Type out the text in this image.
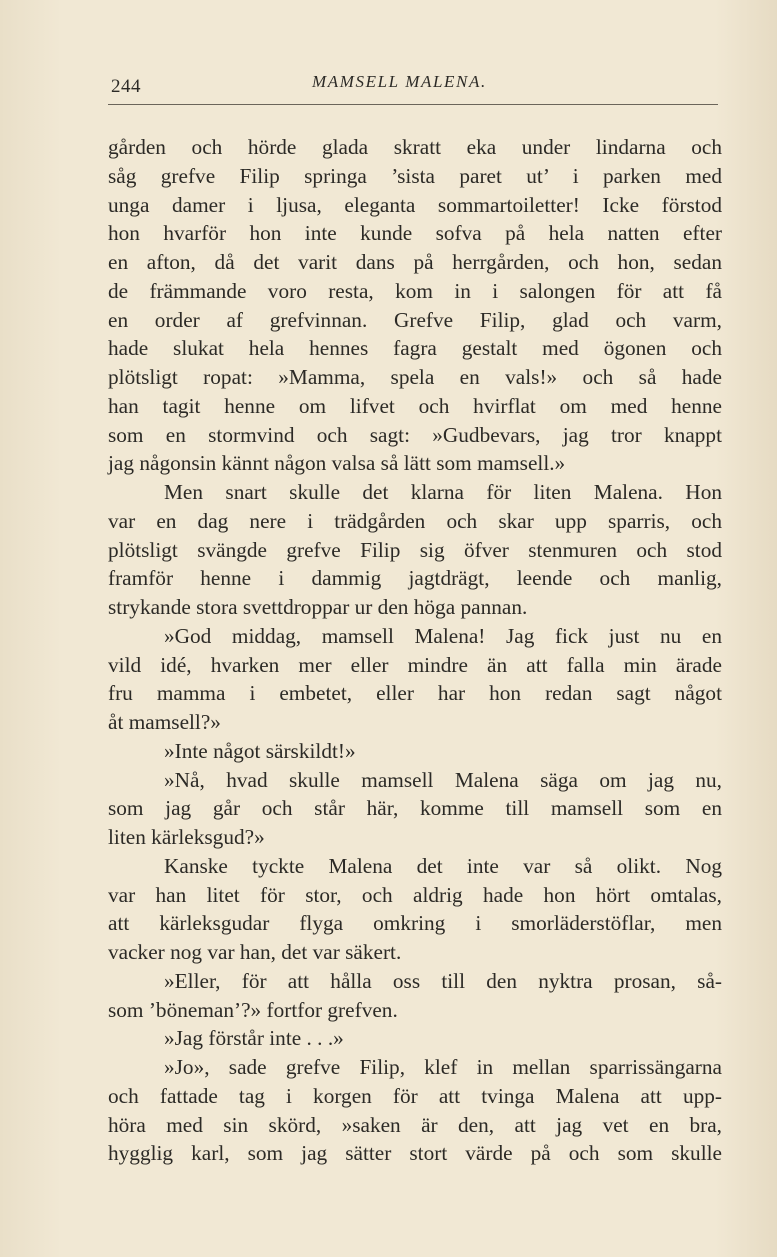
244	MAMSELL MALENA.
gården och hörde glada skratt eka under lindarna och
såg grefve Filip springa ’sista paret ut’ i parken med
unga damer i ljusa, eleganta sommartoiletter! Icke förstod
hon hvarför hon inte kunde sofva på hela natten efter
en afton, då det varit dans på herrgården, och hon, sedan
de främmande voro resta, kom in i salongen för att få
en order af grefvinnan. Grefve Filip, glad och varm,
hade slukat hela hennes fagra gestalt med ögonen och
plötsligt ropat: »Mamma, spela en vals!» och så hade
han tagit henne om lifvet och hvirflat om med henne
som en stormvind och sagt: »Gudbevars, jag tror knappt
jag någonsin kännt någon valsa så lätt som mamsell.»
Men snart skulle det klarna för liten Malena. Hon
var en dag nere i trädgården och skar upp sparris, och
plötsligt svängde grefve Filip sig öfver stenmuren och stod
framför henne i dammig jagtdrägt, leende och manlig,
strykande stora svettdroppar ur den höga pannan.
»God middag, mamsell Malena! Jag fick just nu en
vild idé, hvarken mer eller mindre än att falla min ärade
fru mamma i embetet, eller har hon redan sagt något
åt mamsell?»
»Inte något särskildt!»
»Nå, hvad skulle mamsell Malena säga om jag nu,
som jag går och står här, komme till mamsell som en
liten kärleksgud?»
Kanske tyckte Malena det inte var så olikt. Nog
var han litet för stor, och aldrig hade hon hört omtalas,
att kärleksgudar flyga omkring i smorläderstöflar, men
vacker nog var han, det var säkert.
»Eller, för att hålla oss till den nyktra prosan, så-
som ’böneman’?» fortfor grefven.
»Jag förstår inte . . .»
»Jo», sade grefve Filip, klef in mellan sparrissängarna
och fattade tag i korgen för att tvinga Malena att upp-
höra med sin skörd, »saken är den, att jag vet en bra,
hygglig karl, som jag sätter stort värde på och som skulle
